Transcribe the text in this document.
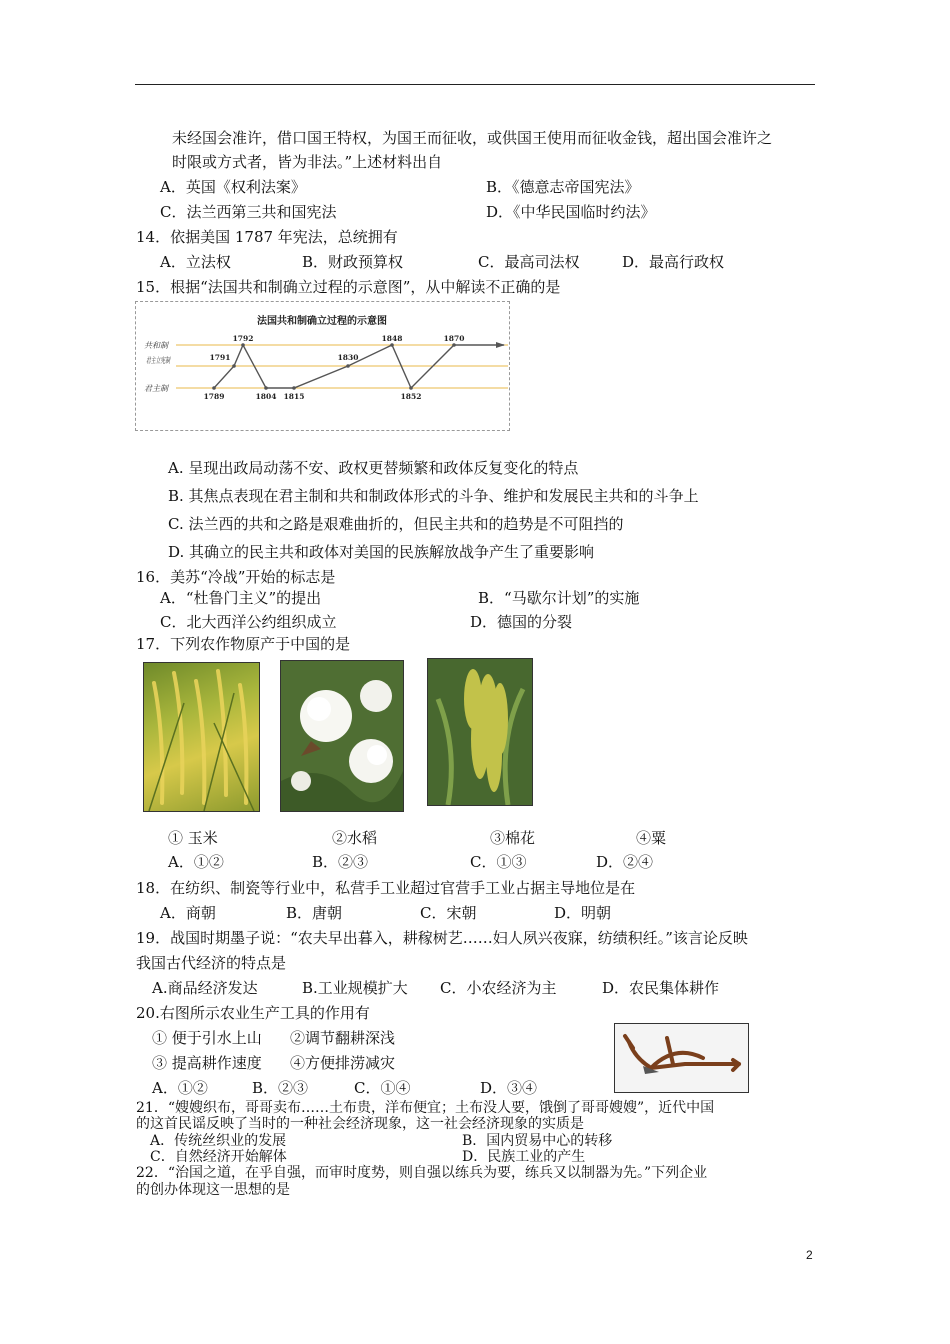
未经国会准许，借口国王特权，为国王而征收，或供国王使用而征收金钱，超出国会准许之
时限或方式者，皆为非法。”上述材料出自
A．英国《权利法案》	B．《德意志帝国宪法》
C．法兰西第三共和国宪法	D．《中华民国临时约法》
14．依据美国 1787 年宪法，总统拥有
A．立法权	B．财政预算权	C．最高司法权	D．最高行政权
15．根据“法国共和制确立过程的示意图”，从中解读不正确的是
法国共和制确立过程的示意图
共和制
君主立宪制
君主制
1789
1791
1792
1804 1815
1830
1848
1852
1870
A. 呈现出政局动荡不安、政权更替频繁和政体反复变化的特点
B. 其焦点表现在君主制和共和制政体形式的斗争、维护和发展民主共和的斗争上
C. 法兰西的共和之路是艰难曲折的，但民主共和的趋势是不可阻挡的
D. 其确立的民主共和政体对美国的民族解放战争产生了重要影响
16．美苏“冷战”开始的标志是
A．“杜鲁门主义”的提出	B．“马歇尔计划”的实施
C．北大西洋公约组织成立	D．德国的分裂
17．下列农作物原产于中国的是
① 玉米	②水稻	③棉花	④粟
A．①②	B．②③	C．①③	D．②④
18．在纺织、制瓷等行业中，私营手工业超过官营手工业占据主导地位是在
A．商朝	B．唐朝	C．宋朝	D．明朝
19．战国时期墨子说：“农夫早出暮入，耕稼树艺……妇人夙兴夜寐，纺绩积纴。”该言论反映
我国古代经济的特点是
A.商品经济发达	B.工业规模扩大 C．小农经济为主	D．农民集体耕作
20.右图所示农业生产工具的作用有
① 便于引水上山 ②调节翻耕深浅
③ 提高耕作速度 ④方便排涝减灾
A．①②	B．②③	C．①④	D．③④
21．“嫂嫂织布，哥哥卖布……土布贵，洋布便宜；土布没人要，饿倒了哥哥嫂嫂”，近代中国
的这首民谣反映了当时的一种社会经济现象，这一社会经济现象的实质是
A．传统丝织业的发展	B．国内贸易中心的转移
C．自然经济开始解体	D．民族工业的产生
22．“治国之道，在乎自强，而审时度势，则自强以练兵为要，练兵又以制器为先。”下列企业
的创办体现这一思想的是
2
